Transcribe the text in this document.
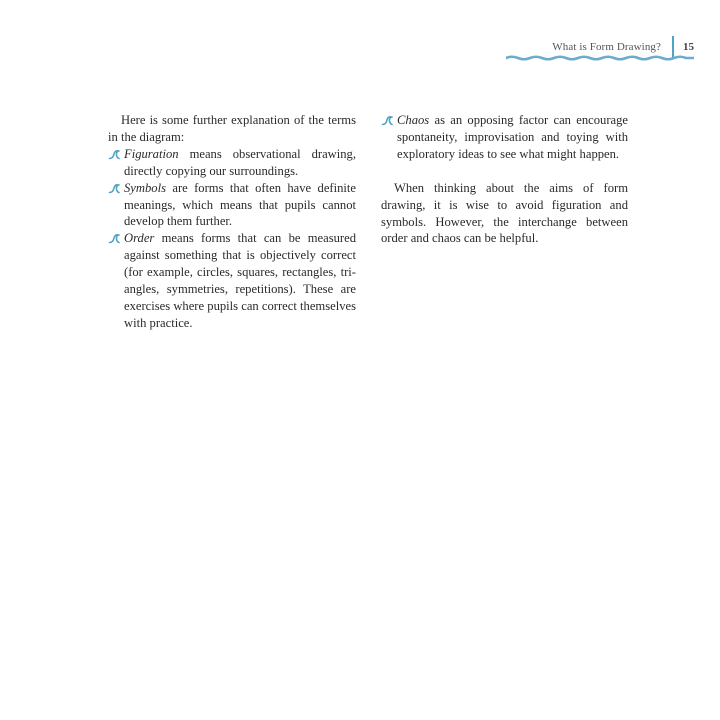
What is Form Drawing? 15

Here is some further explanation of the terms in the diagram:

Figuration means observational drawing, directly copying our surroundings.
Symbols are forms that often have definite meanings, which means that pupils cannot develop them further.
Order means forms that can be measured against something that is objectively correct (for example, circles, squares, rectangles, triangles, symmetries, repetitions). These are exercises where pupils can correct themselves with practice.
Chaos as an opposing factor can encourage spontaneity, improvisation and toying with exploratory ideas to see what might happen.

When thinking about the aims of form drawing, it is wise to avoid figuration and symbols. However, the interchange between order and chaos can be helpful.
